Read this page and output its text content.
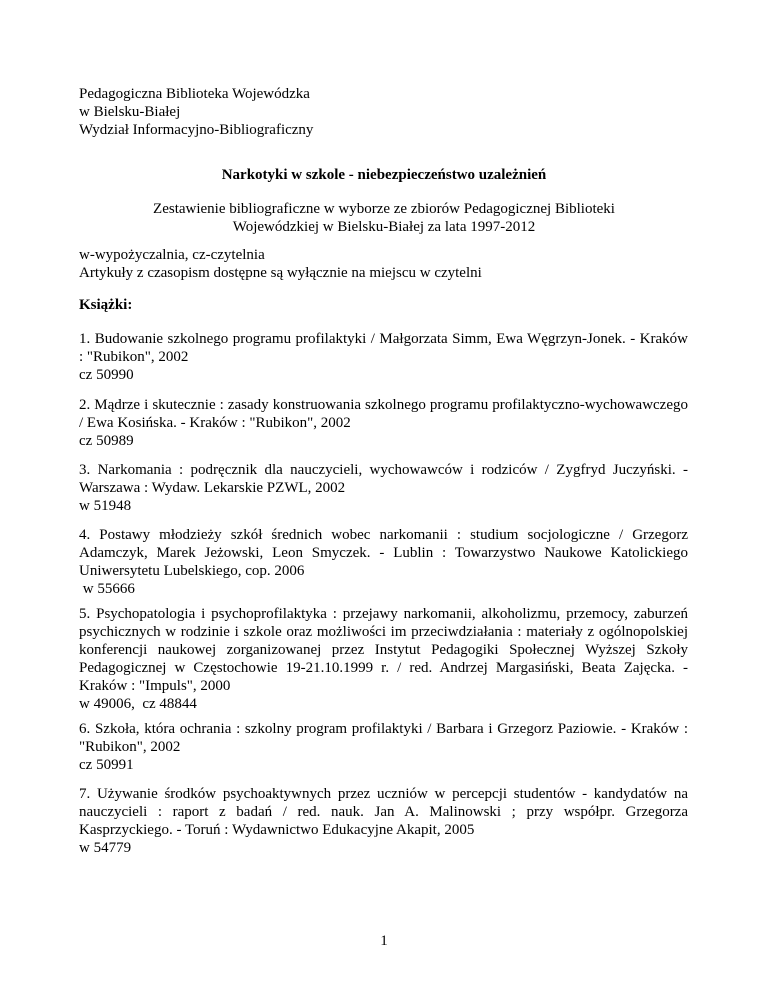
Pedagogiczna Biblioteka Wojewódzka
w Bielsku-Białej
Wydział Informacyjno-Bibliograficzny
Narkotyki w szkole - niebezpieczeństwo uzależnień
Zestawienie bibliograficzne w wyborze ze zbiorów Pedagogicznej Biblioteki
Wojewódzkiej w Bielsku-Białej za lata 1997-2012
w-wypożyczalnia, cz-czytelnia
Artykuły z czasopism dostępne są wyłącznie na miejscu w czytelni
Książki:
1. Budowanie szkolnego programu profilaktyki / Małgorzata Simm, Ewa Węgrzyn-Jonek. - Kraków : "Rubikon", 2002
cz 50990
2. Mądrze i skutecznie : zasady konstruowania szkolnego programu profilaktyczno-wychowawczego / Ewa Kosińska. - Kraków : "Rubikon", 2002
cz 50989
3. Narkomania : podręcznik dla nauczycieli, wychowawców i rodziców / Zygfryd Juczyński. - Warszawa : Wydaw. Lekarskie PZWL, 2002
w 51948
4. Postawy młodzieży szkół średnich wobec narkomanii : studium socjologiczne / Grzegorz Adamczyk, Marek Jeżowski, Leon Smyczek. - Lublin : Towarzystwo Naukowe Katolickiego Uniwersytetu Lubelskiego, cop. 2006
w 55666
5. Psychopatologia i psychoprofilaktyka : przejawy narkomanii, alkoholizmu, przemocy, zaburzeń psychicznych w rodzinie i szkole oraz możliwości im przeciwdziałania : materiały z ogólnopolskiej konferencji naukowej zorganizowanej przez Instytut Pedagogiki Społecznej Wyższej Szkoły Pedagogicznej w Częstochowie 19-21.10.1999 r. / red. Andrzej Margasiński, Beata Zajęcka. - Kraków : "Impuls", 2000
w 49006,  cz 48844
6. Szkoła, która ochrania : szkolny program profilaktyki / Barbara i Grzegorz Paziowie. - Kraków : "Rubikon", 2002
cz 50991
7. Używanie środków psychoaktywnych przez uczniów w percepcji studentów - kandydatów na nauczycieli : raport z badań / red. nauk. Jan A. Malinowski ; przy współpr. Grzegorza Kasprzyckiego. - Toruń : Wydawnictwo Edukacyjne Akapit, 2005
w 54779
1
